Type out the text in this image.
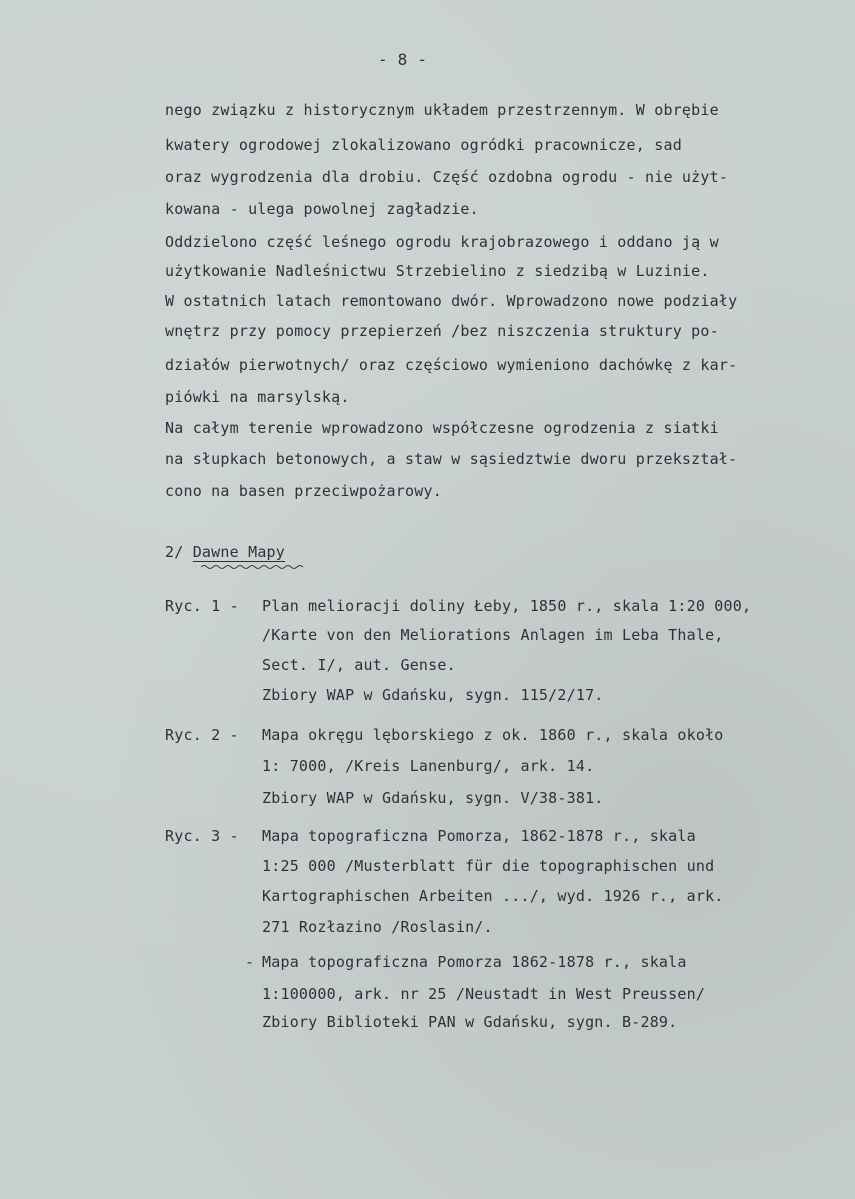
- 8 -
nego związku z historycznym układem przestrzennym. W obrębie
kwatery ogrodowej zlokalizowano ogródki pracownicze, sad
oraz wygrodzenia dla drobiu. Część ozdobna ogrodu - nie użyt-
kowana - ulega powolnej zagładzie.
Oddzielono część leśnego ogrodu krajobrazowego i oddano ją w
użytkowanie Nadleśnictwu Strzebielino z siedzibą w Luzinie.
W ostatnich latach remontowano dwór. Wprowadzono nowe podziały
wnętrz przy pomocy przepierzeń /bez niszczenia struktury po-
działów pierwotnych/ oraz częściowo wymieniono dachówkę z kar-
piówki na marsylską.
Na całym terenie wprowadzono współczesne ogrodzenia z siatki
na słupkach betonowych, a staw w sąsiedztwie dworu przekształ-
cono na basen przeciwpożarowy.
2/ Dawne Mapy
Ryc. 1 - Plan melioracji doliny Łeby, 1850 r., skala 1:20 000,
/Karte von den Meliorations Anlagen im Leba Thale,
Sect. I/, aut. Gense.
Zbiory WAP w Gdańsku, sygn. 115/2/17.
Ryc. 2 - Mapa okręgu lęborskiego z ok. 1860 r., skala około
1: 7000, /Kreis Lanenburg/, ark. 14.
Zbiory WAP w Gdańsku, sygn. V/38-381.
Ryc. 3 - Mapa topograficzna Pomorza, 1862-1878 r., skala
1:25 000 /Musterblatt für die topographischen und
Kartographischen Arbeiten .../, wyd. 1926 r., ark.
271 Rozłazino /Roslasin/.
- Mapa topograficzna Pomorza 1862-1878 r., skala
1:100000, ark. nr 25 /Neustadt in West Preussen/
Zbiory Biblioteki PAN w Gdańsku, sygn. B-289.
